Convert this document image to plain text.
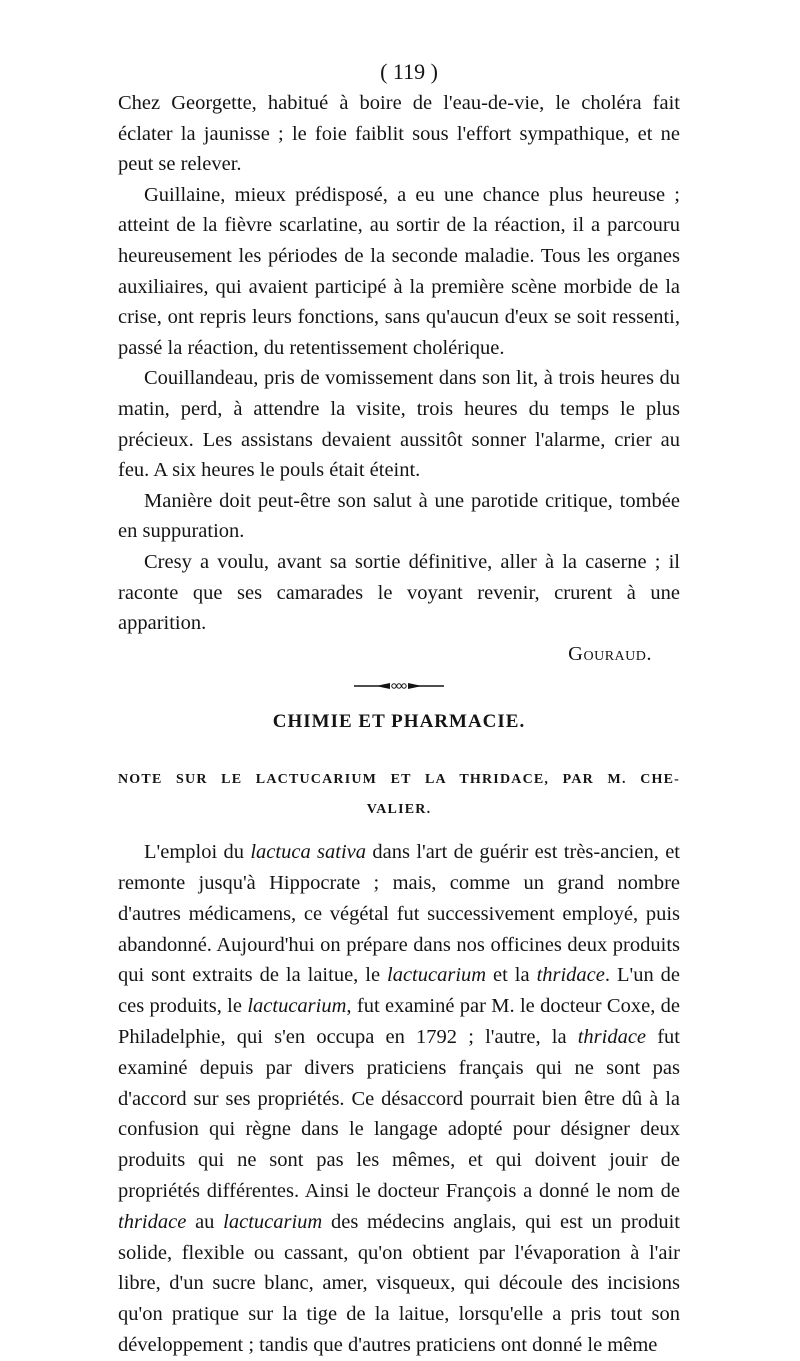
( 119 )

Chez Georgette, habitué à boire de l'eau-de-vie, le choléra fait éclater la jaunisse ; le foie faiblit sous l'effort sympathique, et ne peut se relever.

Guillaine, mieux prédisposé, a eu une chance plus heureuse ; atteint de la fièvre scarlatine, au sortir de la réaction, il a parcouru heureusement les périodes de la seconde maladie. Tous les organes auxiliaires, qui avaient participé à la première scène morbide de la crise, ont repris leurs fonctions, sans qu'aucun d'eux se soit ressenti, passé la réaction, du retentissement cholérique.

Couillandeau, pris de vomissement dans son lit, à trois heures du matin, perd, à attendre la visite, trois heures du temps le plus précieux. Les assistans devaient aussitôt sonner l'alarme, crier au feu. A six heures le pouls était éteint.

Manière doit peut-être son salut à une parotide critique, tombée en suppuration.

Cresy a voulu, avant sa sortie définitive, aller à la caserne ; il raconte que ses camarades le voyant revenir, crurent à une apparition.

Gouraud.

CHIMIE ET PHARMACIE.
NOTE SUR LE LACTUCARIUM ET LA THRIDACE, PAR M. CHE-
VALIER.

L'emploi du lactuca sativa dans l'art de guérir est très-ancien, et remonte jusqu'à Hippocrate ; mais, comme un grand nombre d'autres médicamens, ce végétal fut successivement employé, puis abandonné. Aujourd'hui on prépare dans nos officines deux produits qui sont extraits de la laitue, le lactucarium et la thridace. L'un de ces produits, le lactucarium, fut examiné par M. le docteur Coxe, de Philadelphie, qui s'en occupa en 1792 ; l'autre, la thridace fut examiné depuis par divers praticiens français qui ne sont pas d'accord sur ses propriétés. Ce désaccord pourrait bien être dû à la confusion qui règne dans le langage adopté pour désigner deux produits qui ne sont pas les mêmes, et qui doivent jouir de propriétés différentes. Ainsi le docteur François a donné le nom de thridace au lactucarium des médecins anglais, qui est un produit solide, flexible ou cassant, qu'on obtient par l'évaporation à l'air libre, d'un sucre blanc, amer, visqueux, qui découle des incisions qu'on pratique sur la tige de la laitue, lorsqu'elle a pris tout son développement ; tandis que d'autres praticiens ont donné le même
